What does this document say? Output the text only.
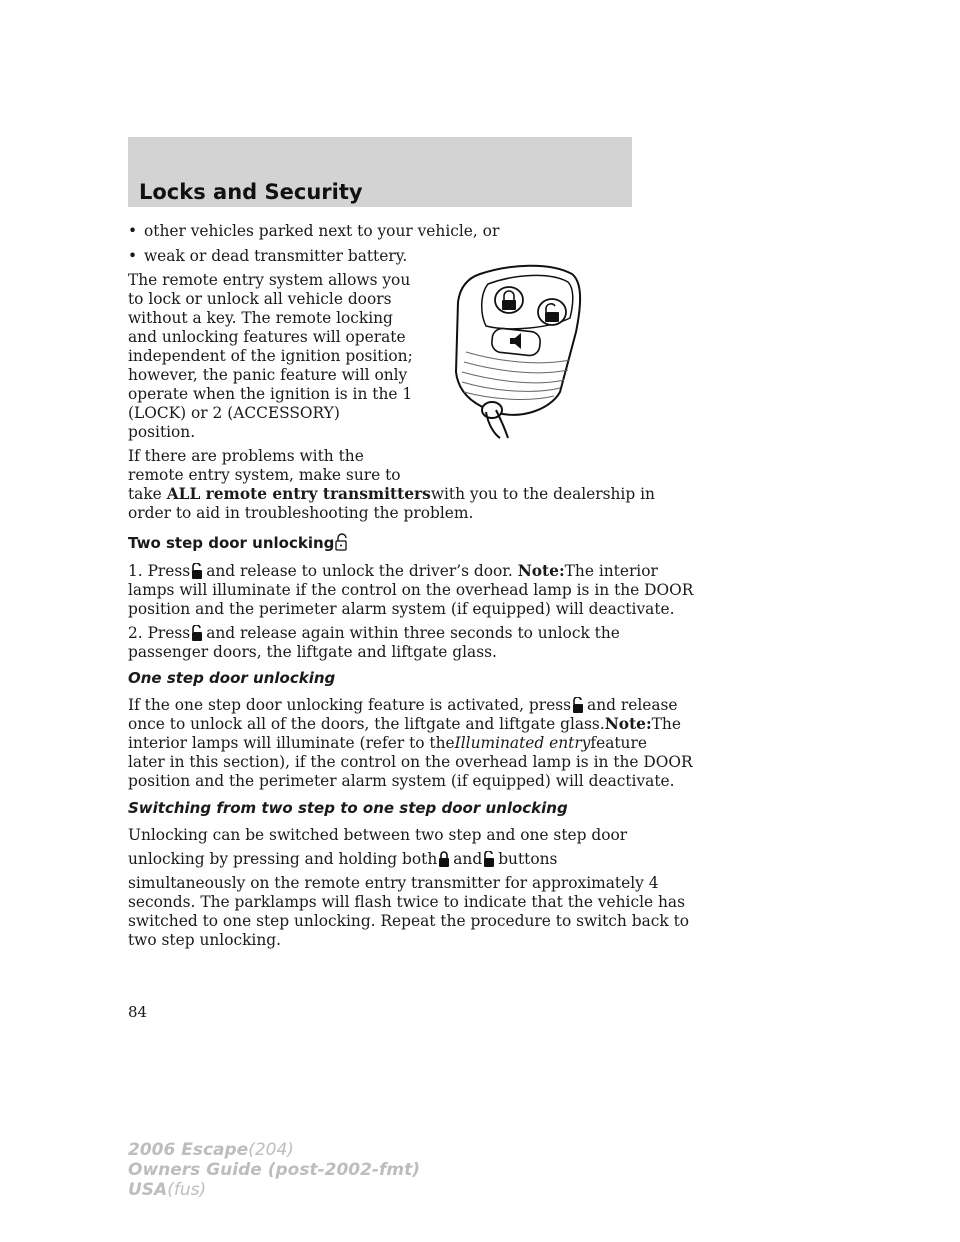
Locks and Security
• other vehicles parked next to your vehicle, or
• weak or dead transmitter battery.
The remote entry system allows you
to lock or unlock all vehicle doors
without a key. The remote locking
and unlocking features will operate
independent of the ignition position;
however, the panic feature will only
operate when the ignition is in the 1
(LOCK) or 2 (ACCESSORY)
position.
If there are problems with the
remote entry system, make sure to
take ALL remote entry transmitterswith you to the dealership in
order to aid in troubleshooting the problem.
Two step door unlocking
1. Press and release to unlock the driver’s door. Note:The interior
lamps will illuminate if the control on the overhead lamp is in the DOOR
position and the perimeter alarm system (if equipped) will deactivate.
2. Press and release again within three seconds to unlock the
passenger doors, the liftgate and liftgate glass.
One step door unlocking
If the one step door unlocking feature is activated, press and release
once to unlock all of the doors, the liftgate and liftgate glass.Note:The
interior lamps will illuminate (refer to theIlluminated entryfeature
later in this section), if the control on the overhead lamp is in the DOOR
position and the perimeter alarm system (if equipped) will deactivate.
Switching from two step to one step door unlocking
Unlocking can be switched between two step and one step door
unlocking by pressing and holding both and buttons
simultaneously on the remote entry transmitter for approximately 4
seconds. The parklamps will flash twice to indicate that the vehicle has
switched to one step unlocking. Repeat the procedure to switch back to
two step unlocking.
84
2006 Escape(204)
Owners Guide (post-2002-fmt)
USA(fus)
